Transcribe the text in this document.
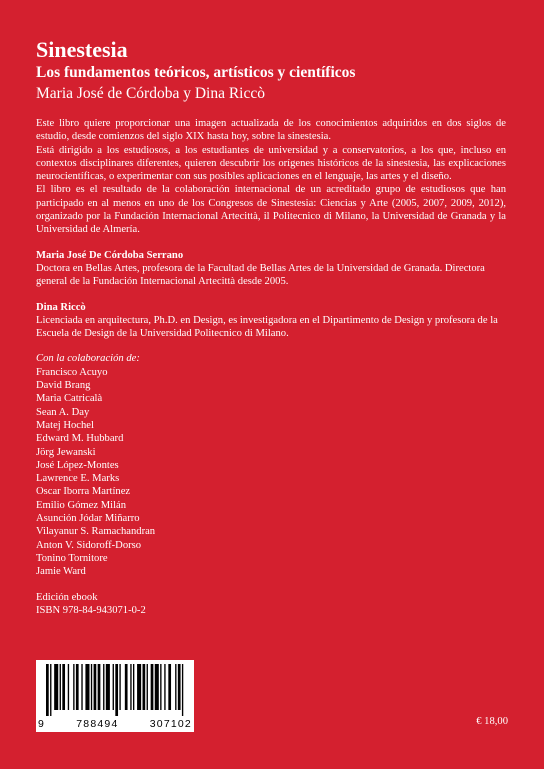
Sinestesia
Los fundamentos teóricos, artísticos y científicos
Maria José de Córdoba y Dina Riccò

Este libro quiere proporcionar una imagen actualizada de los conocimientos adquiridos en dos siglos de estudio, desde comienzos del siglo XIX hasta hoy, sobre la sinestesia.

Está dirigido a los estudiosos, a los estudiantes de universidad y a conservatorios, a los que, incluso en contextos disciplinares diferentes, quieren descubrir los orígenes históricos de la sinestesia, las explicaciones neurocientíficas, o experimentar con sus posibles aplicaciones en el lenguaje, las artes y el diseño.

El libro es el resultado de la colaboración internacional de un acreditado grupo de estudiosos que han participado en al menos en uno de los Congresos de Sinestesia: Ciencias y Arte (2005, 2007, 2009, 2012), organizado por la Fundación Internacional Artecittà, il Politecnico di Milano, la Universidad de Granada y la Universidad de Almería.

Maria José De Córdoba Serrano

Doctora en Bellas Artes, profesora de la Facultad de Bellas Artes de la Universidad de Granada. Directora general de la Fundación Internacional Artecittà desde 2005.

Dina Riccò

Licenciada en arquitectura, Ph.D. en Design, es investigadora en el Dipartimento de Design y profesora de la Escuela de Design de la Universidad Politecnico di Milano.

Con la colaboración de:

Francisco Acuyo
David Brang
Maria Catricalà
Sean A. Day
Matej Hochel
Edward M. Hubbard
Jörg Jewanski
José López-Montes
Lawrence E. Marks
Oscar Iborra Martínez
Emilio Gómez Milán
Asunción Jódar Miñarro
Vilayanur S. Ramachandran
Anton V. Sidoroff-Dorso
Tonino Tornitore
Jamie Ward

Edición ebook

ISBN 978-84-943071-0-2

9	788494	307102	€ 18,00
